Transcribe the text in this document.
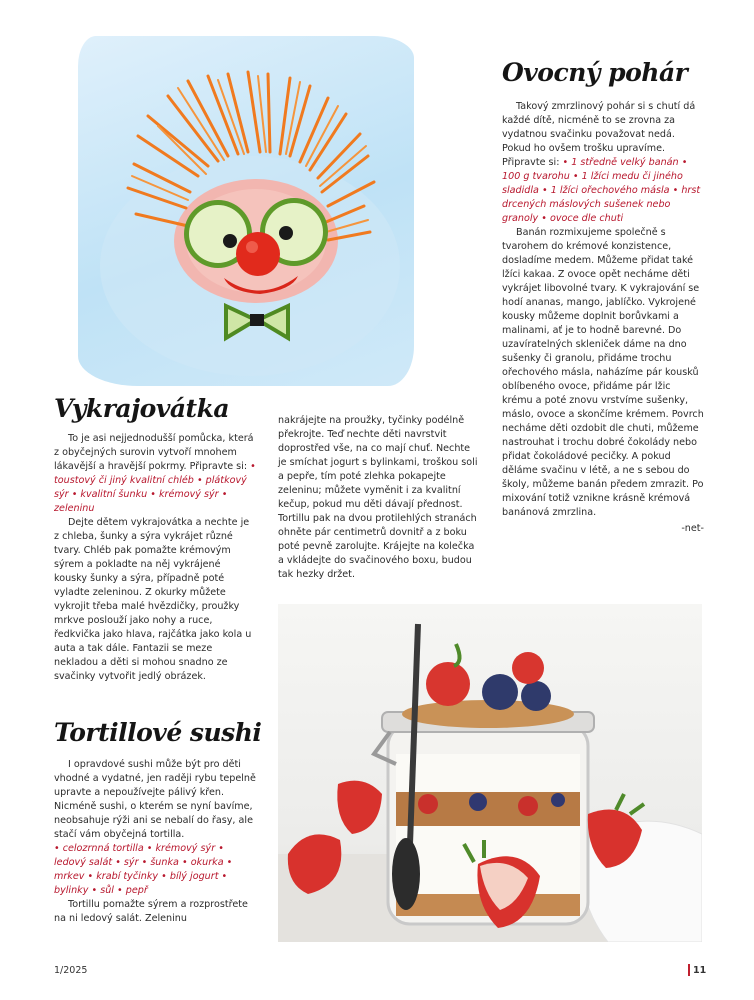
Ovocný pohár

Takový zmrzlinový pohár si s chutí dá každé dítě, nicméně to se zrovna za vydatnou svačinku považovat nedá. Pokud ho ovšem trošku upravíme.

Připravte si: • 1 středně velký banán • 100 g tvarohu • 1 lžíci medu či jiného sladidla • 1 lžíci ořechového másla • hrst drcených máslových sušenek nebo granoly • ovoce dle chuti

Banán rozmixujeme společně s tvarohem do krémové konzistence, dosladíme medem. Můžeme přidat také lžíci kakaa. Z ovoce opět necháme děti vykrájet libovolné tvary. K vykrajování se hodí ananas, mango, jablíčko. Vykrojené kousky můžeme doplnit borůvkami a malinami, ať je to hodně barevné. Do uzavíratelných skleniček dáme na dno sušenky či granolu, přidáme trochu ořechového másla, naházíme pár kousků oblíbeného ovoce, přidáme pár lžic krému a poté znovu vrstvíme sušenky, máslo, ovoce a skončíme krémem. Povrch necháme děti ozdobit dle chuti, můžeme nastrouhat i trochu dobré čokolády nebo přidat čokoládové pecičky. A pokud děláme svačinu v létě, a ne s sebou do školy, můžeme banán předem zmrazit. Po mixování totiž vznikne krásně krémová banánová zmrzlina.

-net-

Vykrajovátka

To je asi nejjednodušší pomůcka, která z obyčejných surovin vytvoří mnohem lákavější a hravější pokrmy. Připravte si: • toustový či jiný kvalitní chléb • plátkový sýr • kvalitní šunku • krémový sýr • zeleninu

Dejte dětem vykrajovátka a nechte je z chleba, šunky a sýra vykrájet různé tvary. Chléb pak pomažte krémovým sýrem a pokladte na něj vykrájené kousky šunky a sýra, případně poté vyladte zeleninou. Z okurky můžete vykrojit třeba malé hvězdičky, proužky mrkve poslouží jako nohy a ruce, ředkvička jako hlava, rajčátka jako kola u auta a tak dále. Fantazii se meze nekladou a děti si mohou snadno ze svačinky vytvořit jedlý obrázek.

Tortillové sushi

I opravdové sushi může být pro děti vhodné a vydatné, jen raději rybu tepelně upravte a nepoužívejte pálivý křen. Nicméně sushi, o kterém se nyní bavíme, neobsahuje rýži ani se nebalí do řasy, ale stačí vám obyčejná tortilla.

• celozrnná tortilla • krémový sýr • ledový salát • sýr • šunka • okurka • mrkev • krabí tyčinky • bílý jogurt • bylinky • sůl • pepř

Tortillu pomažte sýrem a rozprostřete na ni ledový salát. Zeleninu

nakrájejte na proužky, tyčinky podélně překrojte. Teď nechte děti navrstvit doprostřed vše, na co mají chuť. Nechte je smíchat jogurt s bylinkami, troškou soli a pepře, tím poté zlehka pokapejte zeleninu; můžete vyměnit i za kvalitní kečup, pokud mu děti dávají přednost. Tortillu pak na dvou protilehlých stranách ohněte pár centimetrů dovnitř a z boku poté pevně zarolujte. Krájejte na kolečka a vkládejte do svačinového boxu, budou tak hezky držet.

1/2025	11
